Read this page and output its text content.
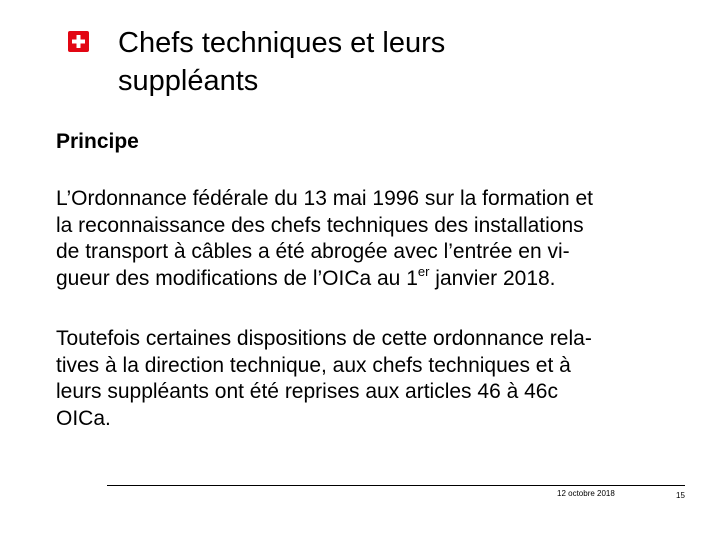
Chefs techniques et leurs
suppléants
Principe

L’Ordonnance fédérale du 13 mai 1996 sur la formation et
la reconnaissance des chefs techniques des installations
de transport à câbles a été abrogée avec l’entrée en vi-
gueur des modifications de l’OICa au 1er janvier 2018.

Toutefois certaines dispositions de cette ordonnance rela-
tives à la direction technique, aux chefs techniques et à
leurs suppléants ont été reprises aux articles 46 à 46c
OICa.

12 octobre 2018	15
